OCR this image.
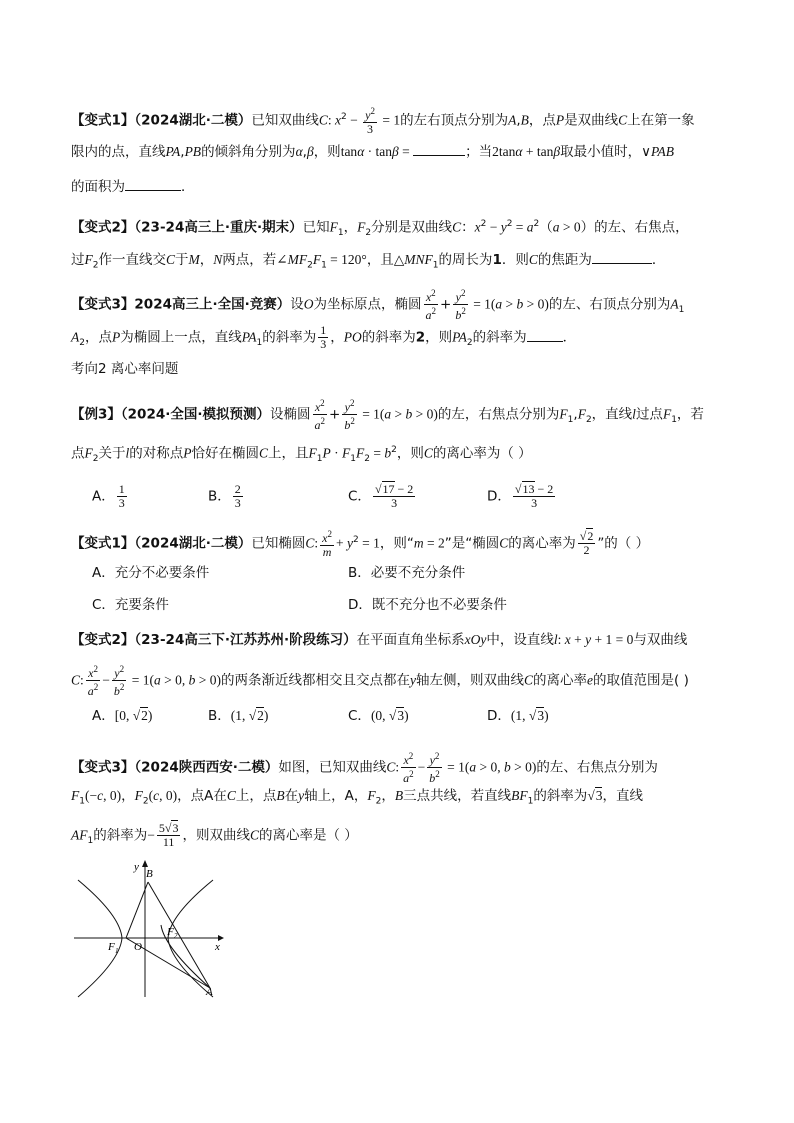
【变式1】（2024湖北·二模）已知双曲线C: $x^2 - \frac{y^2}{3} = 1$的左右顶点分别为A,B，点P是双曲线C上在第一象
限内的点，直线PA,PB的倾斜角分别为α,β，则tanα · tanβ =	；当2tanα + tanβ取最小值时，∨PAB
的面积为	．
【变式2】（23-24高三上·重庆·期末）已知$F_1$，$F_2$分别是双曲线C：$x^2 - y^2 = a^2(a > 0)$的左、右焦点，
过$F_2$作一直线交C于M，N两点，若$\angle MF_2F_1 = 120^\circ$，且$\triangle MNF_1$的周长为1．则C的焦距为	．
【变式3】2024高三上·全国·竞赛）设O为坐标原点，椭圆 $\frac{x^2}{a^2} + \frac{y^2}{b^2} = 1(a > b > 0)$的左、右顶点分别为$A_1$
$A_2$，点P为椭圆上一点，直线$PA_1$的斜率为 $\frac{1}{3}$ ，PO的斜率为2，则$PA_2$的斜率为	．
考向2 离心率问题
【例3】（2024·全国·模拟预测）设椭圆 $\frac{x^2}{a^2} + \frac{y^2}{b^2} = 1(a > b > 0)$的左，右焦点分别为$F_1,F_2$，直线l过点$F_1$，若
点$F_2$关于l的对称点P恰好在椭圆C上，且$F_1P \cdot F_1F_2 = b^2$，则C的离心率为（ ）
A． $\frac{1}{3}$	B． $\frac{2}{3}$	C． $\frac{√17 - 2}{3}$	D． $\frac{√13 - 2}{3}$
【变式1】（2024湖北·二模）已知椭圆C: $\frac{x^2}{m} + y^2 = 1$，则“m = 2”是“椭圆C的离心率为 $\frac{√2}{2}$ ”的（ ）
A．充分不必要条件	B．必要不充分条件
C．充要条件	D．既不充分也不必要条件
【变式2】（23-24高三下·江苏苏州·阶段练习）在平面直角坐标系xOy中，设直线l: x + y + 1 = 0与双曲线
C: $\frac{x^2}{a^2} - \frac{y^2}{b^2} = 1(a > 0$, b > 0)的两条渐近线都相交且交点都在y轴左侧，则双曲线C的离心率e的取值范围是( )
A．[0, √2)	B．(1, √2)	C．(0, √3)	D．(1, √3)
【变式3】（2024陕西西安·二模）如图，已知双曲线C: $\frac{x^2}{a^2} - \frac{y^2}{b^2} = 1(a > 0$, b > 0)的左、右焦点分别为
$F_1(-c$, 0)，$F_2(c$, 0)，点A在C上，点B在y轴上，A，$F_2$，B三点共线，若直线$BF_1$的斜率为√3，直线
$AF_1$的斜率为− $\frac{5√3}{11}$ ，则双曲线C的离心率是（ ）
y
x
B
F 1 O
F 2
A
